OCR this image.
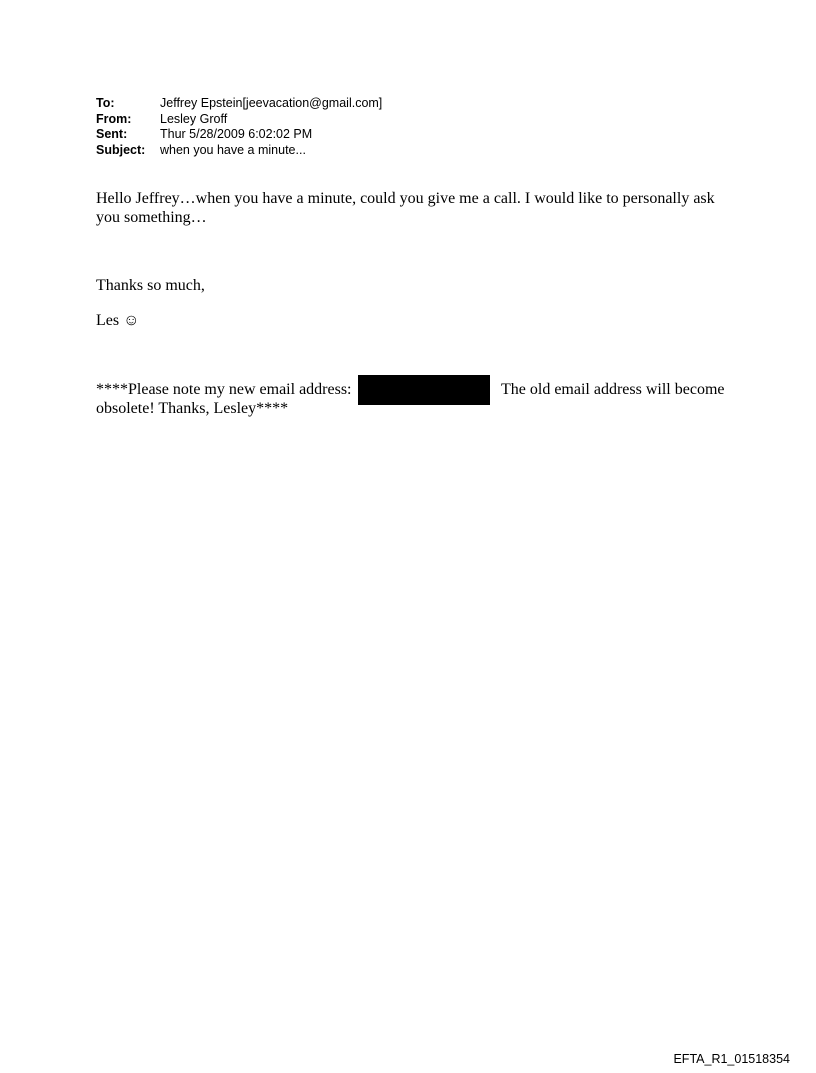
To:	Jeffrey Epstein[jeevacation@gmail.com]
From:	Lesley Groff
Sent:	Thur 5/28/2009 6:02:02 PM
Subject:	when you have a minute...
Hello Jeffrey…when you have a minute, could you give me a call. I would like to personally ask
you something…
Thanks so much,
Les ☺
****Please note my new email address:	The old email address will become
obsolete! Thanks, Lesley****
EFTA_R1_01518354
